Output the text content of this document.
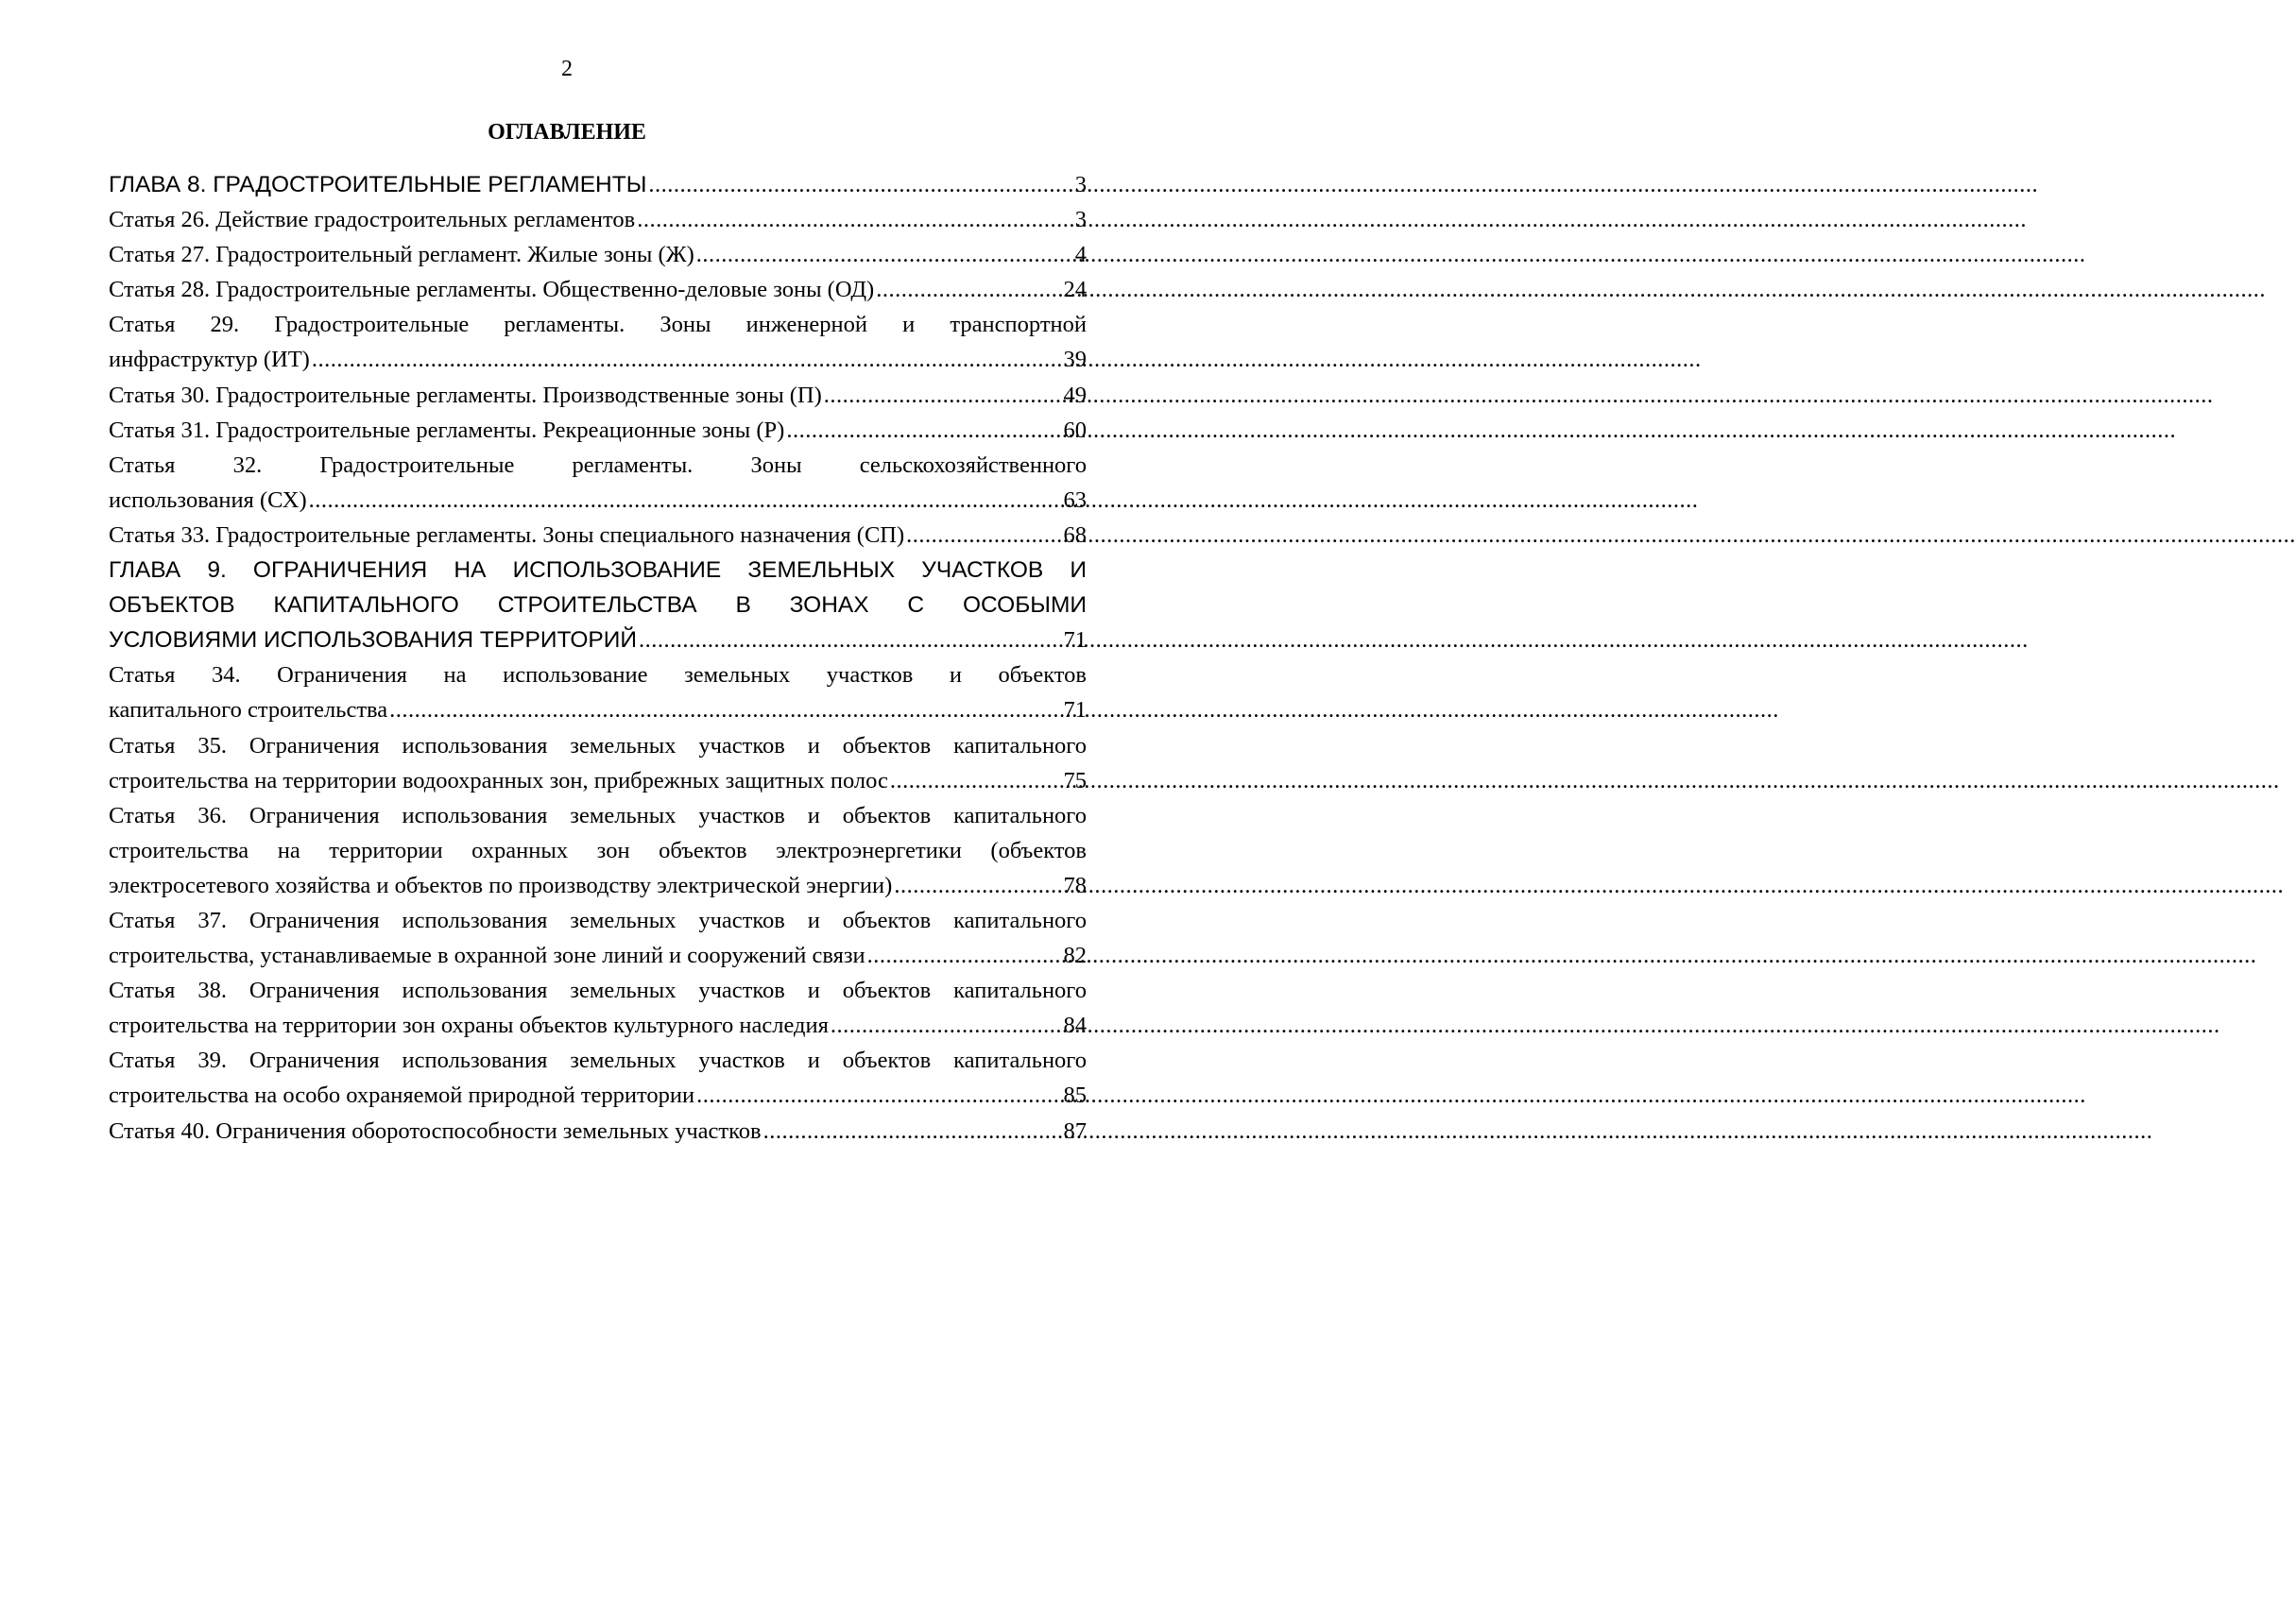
2
ОГЛАВЛЕНИЕ
ГЛАВА 8. ГРАДОСТРОИТЕЛЬНЫЕ РЕГЛАМЕНТЫ .....	3
Статья 26. Действие градостроительных регламентов .....	3
Статья 27. Градостроительный регламент. Жилые зоны (Ж) .....	4
Статья 28. Градостроительные регламенты. Общественно-деловые зоны (ОД) .....	24
Статья 29. Градостроительные регламенты. Зоны инженерной и транспортной
инфраструктур (ИТ) .....	39
Статья 30. Градостроительные регламенты. Производственные зоны (П) .....	49
Статья 31. Градостроительные регламенты. Рекреационные зоны (Р) .....	60
Статья 32. Градостроительные регламенты. Зоны сельскохозяйственного
использования (СХ) .....	63
Статья 33. Градостроительные регламенты. Зоны специального назначения (СП) .....	68
ГЛАВА 9. ОГРАНИЧЕНИЯ НА ИСПОЛЬЗОВАНИЕ ЗЕМЕЛЬНЫХ УЧАСТКОВ И
ОБЪЕКТОВ КАПИТАЛЬНОГО СТРОИТЕЛЬСТВА В ЗОНАХ С ОСОБЫМИ
УСЛОВИЯМИ ИСПОЛЬЗОВАНИЯ ТЕРРИТОРИЙ .....	71
Статья 34. Ограничения на использование земельных участков и объектов
капитального строительства .....	71
Статья 35. Ограничения использования земельных участков и объектов капитального
строительства на территории водоохранных зон, прибрежных защитных полос .....	75
Статья 36. Ограничения использования земельных участков и объектов капитального
строительства на территории охранных зон объектов электроэнергетики (объектов
электросетевого хозяйства и объектов по производству электрической энергии) .....	78
Статья 37. Ограничения использования земельных участков и объектов капитального
строительства, устанавливаемые в охранной зоне линий и сооружений связи .....	82
Статья 38. Ограничения использования земельных участков и объектов капитального
строительства на территории зон охраны объектов культурного наследия .....	84
Статья 39. Ограничения использования земельных участков и объектов капитального
строительства на особо охраняемой природной территории .....	85
Статья 40. Ограничения оборотоспособности земельных участков .....	87
